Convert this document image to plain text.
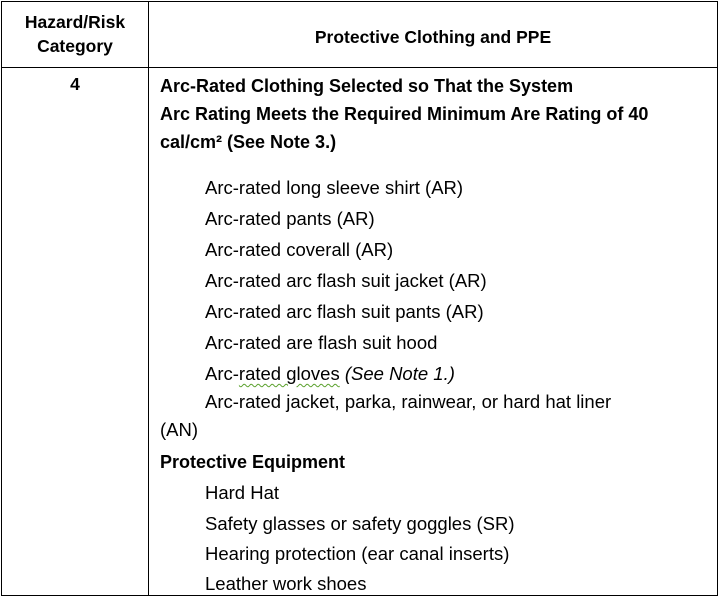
Hazard/Risk
Category	Protective Clothing and PPE
4	Arc-Rated Clothing Selected so That the System
Arc Rating Meets the Required Minimum Are Rating of 40
cal/cm² (See Note 3.)
Arc-rated long sleeve shirt (AR)
Arc-rated pants (AR)
Arc-rated coverall (AR)
Arc-rated arc flash suit jacket (AR)
Arc-rated arc flash suit pants (AR)
Arc-rated are flash suit hood
Arc-rated gloves (See Note 1.)
Arc-rated jacket, parka, rainwear, or hard hat liner
(AN)
Protective Equipment
Hard Hat
Safety glasses or safety goggles (SR)
Hearing protection (ear canal inserts)
Leather work shoes
